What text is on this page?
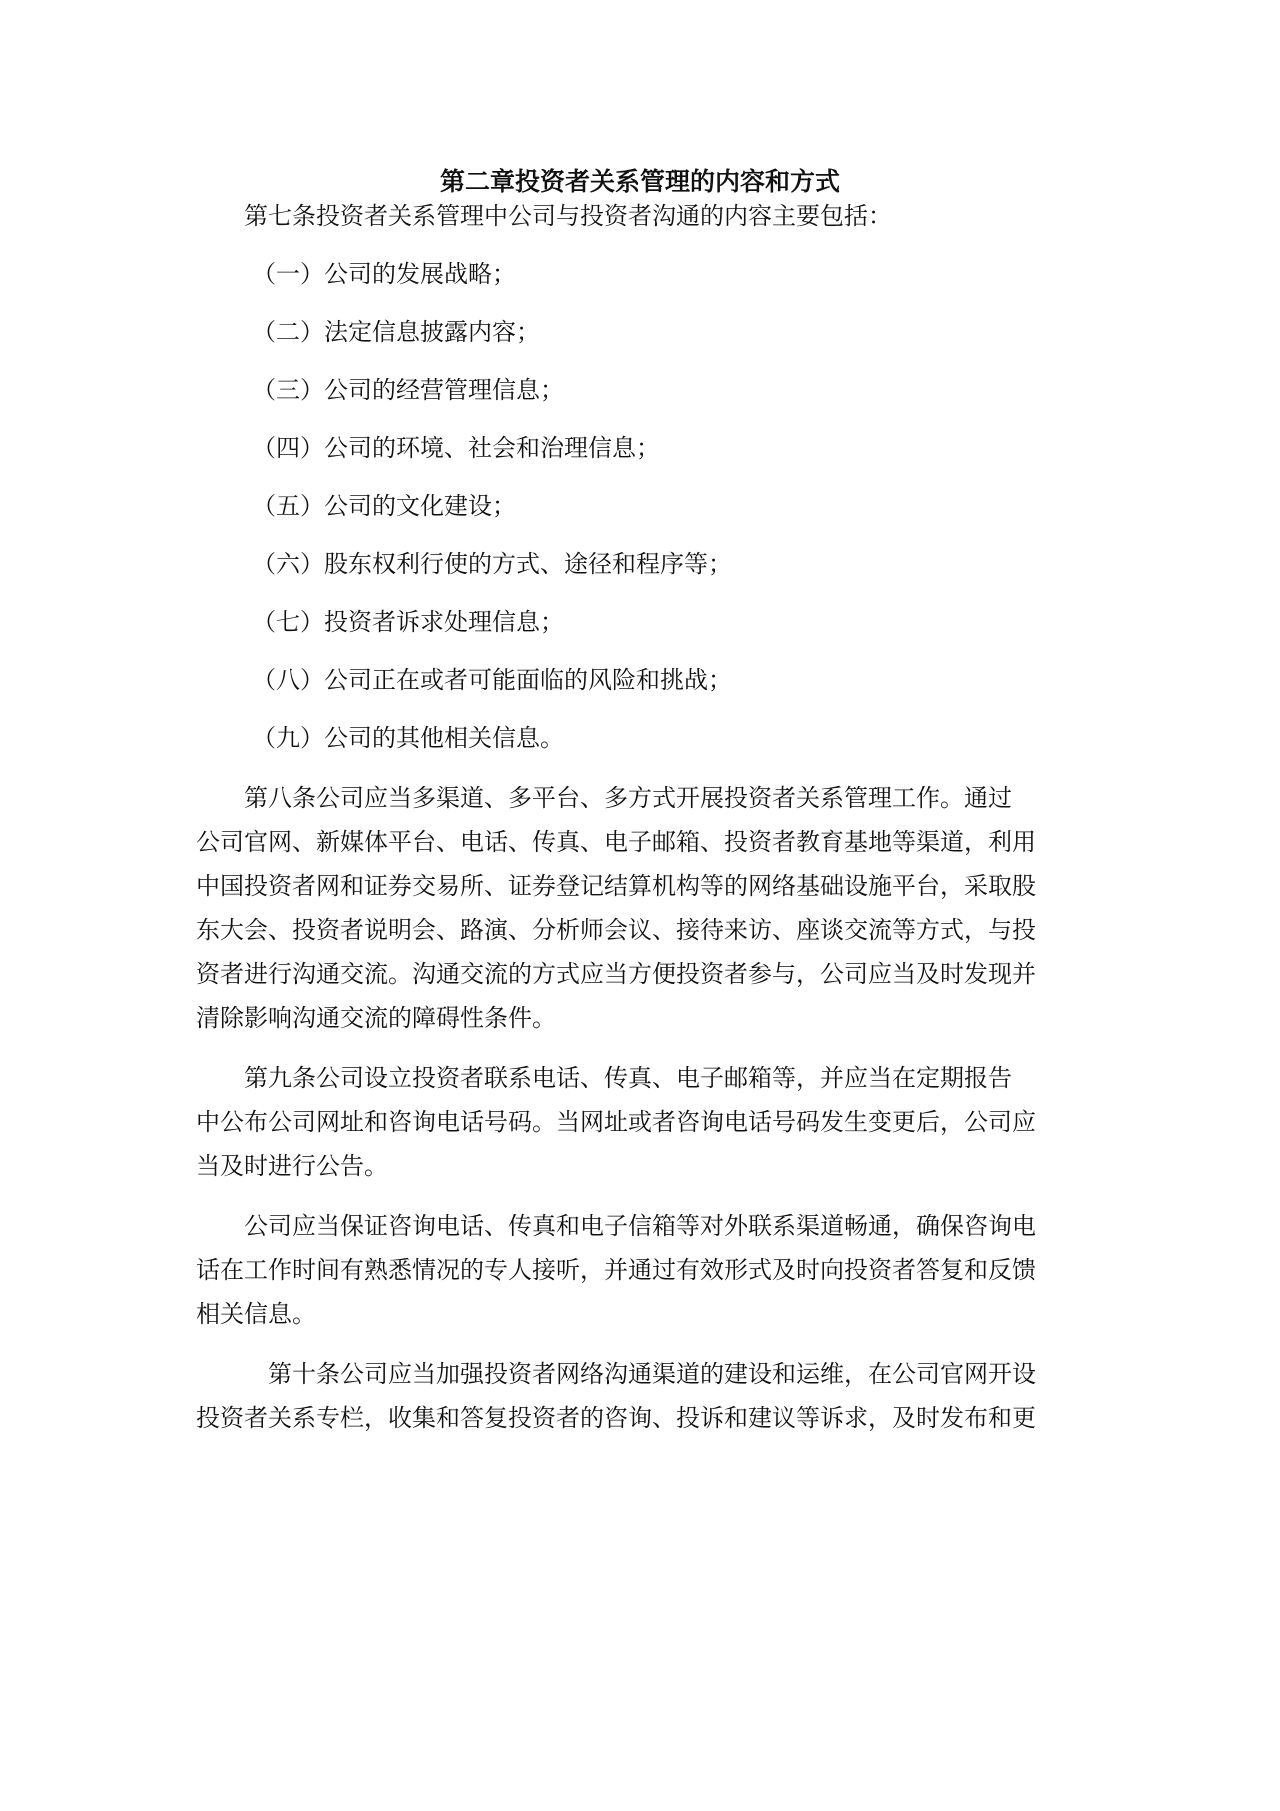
第二章投资者关系管理的内容和方式
第七条投资者关系管理中公司与投资者沟通的内容主要包括：
（一）公司的发展战略；
（二）法定信息披露内容；
（三）公司的经营管理信息；
（四）公司的环境、社会和治理信息；
（五）公司的文化建设；
（六）股东权利行使的方式、途径和程序等；
（七）投资者诉求处理信息；
（八）公司正在或者可能面临的风险和挑战；
（九）公司的其他相关信息。
第八条公司应当多渠道、多平台、多方式开展投资者关系管理工作。通过
公司官网、新媒体平台、电话、传真、电子邮箱、投资者教育基地等渠道，利用
中国投资者网和证券交易所、证券登记结算机构等的网络基础设施平台，采取股
东大会、投资者说明会、路演、分析师会议、接待来访、座谈交流等方式，与投
资者进行沟通交流。沟通交流的方式应当方便投资者参与，公司应当及时发现并
清除影响沟通交流的障碍性条件。
第九条公司设立投资者联系电话、传真、电子邮箱等，并应当在定期报告
中公布公司网址和咨询电话号码。当网址或者咨询电话号码发生变更后，公司应
当及时进行公告。
公司应当保证咨询电话、传真和电子信箱等对外联系渠道畅通，确保咨询电
话在工作时间有熟悉情况的专人接听，并通过有效形式及时向投资者答复和反馈
相关信息。
第十条公司应当加强投资者网络沟通渠道的建设和运维，在公司官网开设
投资者关系专栏，收集和答复投资者的咨询、投诉和建议等诉求，及时发布和更
